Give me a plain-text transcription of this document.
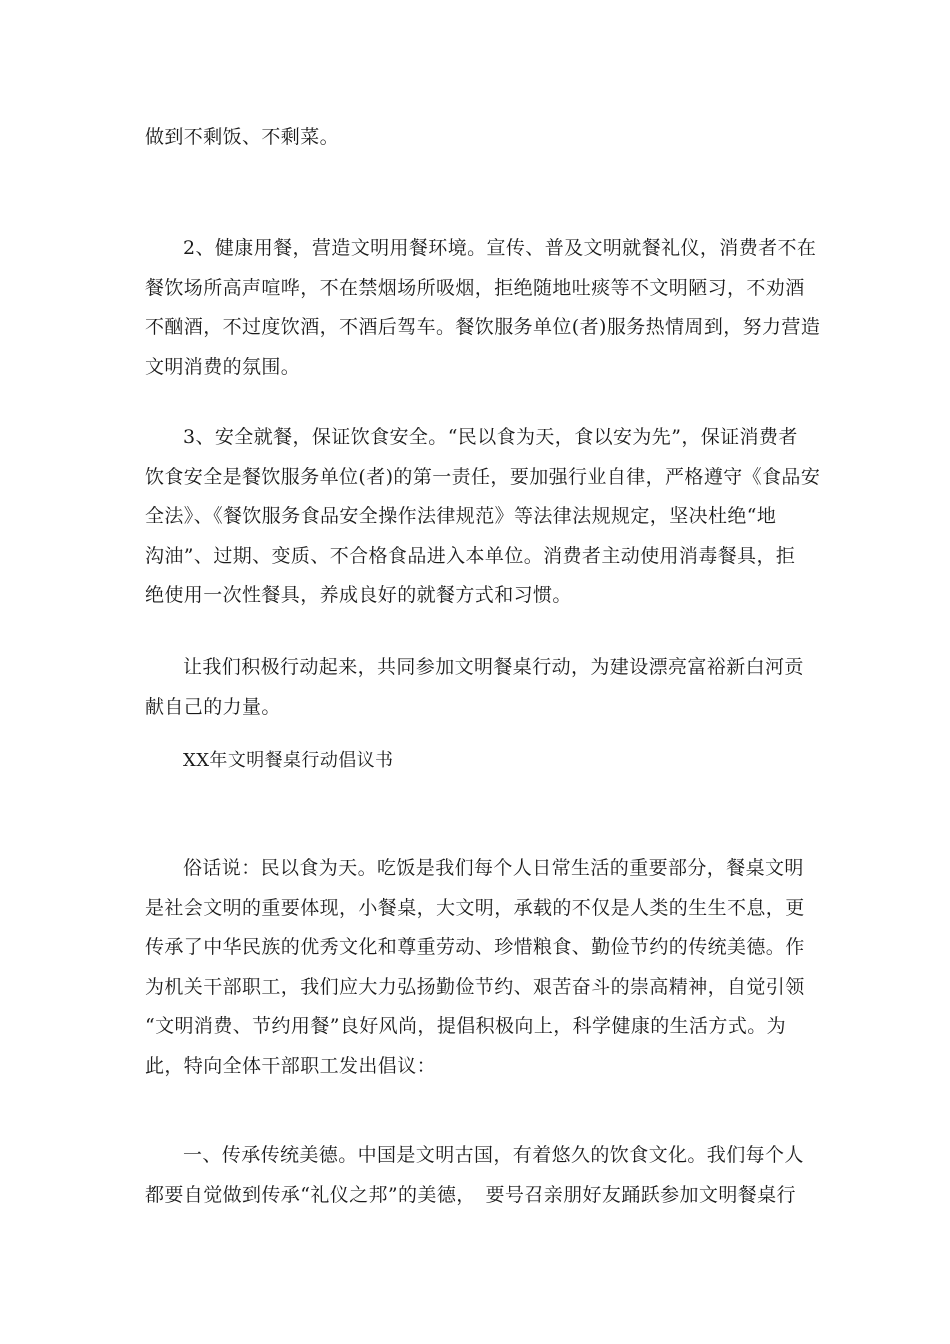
做到不剩饭、不剩菜。

2、健康用餐，营造文明用餐环境。宣传、普及文明就餐礼仪，消费者不在
餐饮场所高声喧哗，不在禁烟场所吸烟，拒绝随地吐痰等不文明陋习，不劝酒
不酗酒，不过度饮酒，不酒后驾车。餐饮服务单位(者)服务热情周到，努力营造
文明消费的氛围。

3、安全就餐，保证饮食安全。“民以食为天，食以安为先”，保证消费者
饮食安全是餐饮服务单位(者)的第一责任，要加强行业自律，严格遵守《食品安
全法》、《餐饮服务食品安全操作法律规范》等法律法规规定，坚决杜绝“地
沟油”、过期、变质、不合格食品进入本单位。消费者主动使用消毒餐具，拒
绝使用一次性餐具，养成良好的就餐方式和习惯。

让我们积极行动起来，共同参加文明餐桌行动，为建设漂亮富裕新白河贡
献自己的力量。

XX年文明餐桌行动倡议书

俗话说：民以食为天。吃饭是我们每个人日常生活的重要部分，餐桌文明
是社会文明的重要体现，小餐桌，大文明，承载的不仅是人类的生生不息，更
传承了中华民族的优秀文化和尊重劳动、珍惜粮食、勤俭节约的传统美德。作
为机关干部职工，我们应大力弘扬勤俭节约、艰苦奋斗的崇高精神，自觉引领
“文明消费、节约用餐”良好风尚，提倡积极向上，科学健康的生活方式。为
此，特向全体干部职工发出倡议：

一、传承传统美德。中国是文明古国，有着悠久的饮食文化。我们每个人
都要自觉做到传承“礼仪之邦”的美德，　要号召亲朋好友踊跃参加文明餐桌行
